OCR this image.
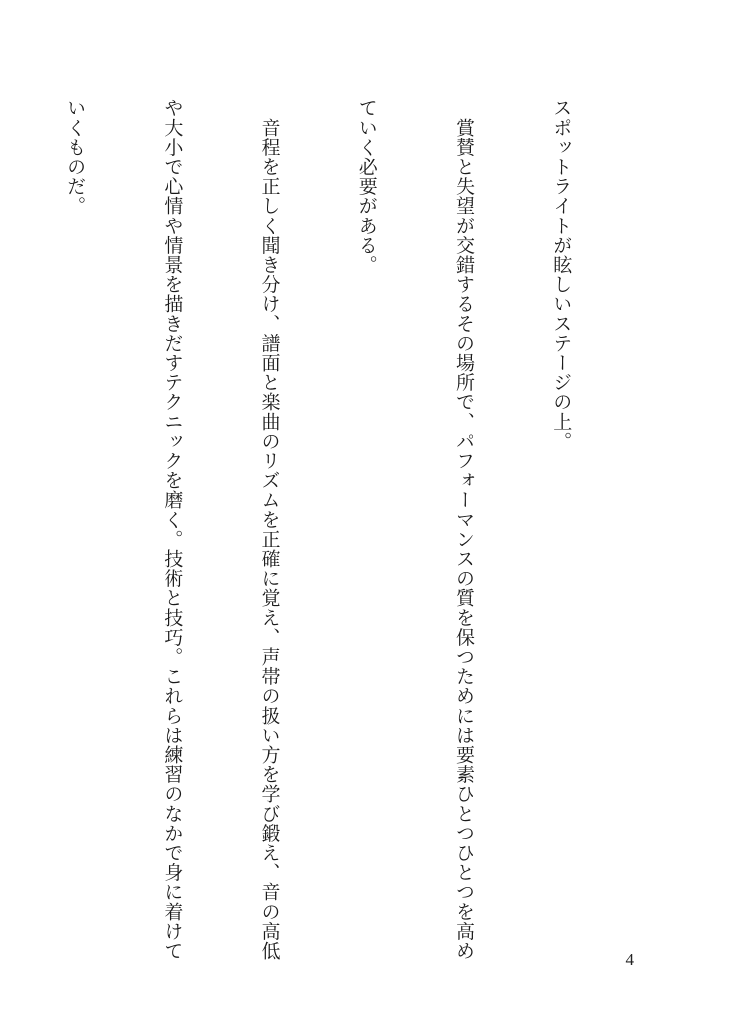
スポットライトが眩しいステージの上。

　賞賛と失望が交錯するその場所で、パフォーマンスの質を保つためには要素ひとつひとつを高め

ていく必要がある。

　音程を正しく聞き分け、譜面と楽曲のリズムを正確に覚え、声帯の扱い方を学び鍛え、音の高低

や大小で心情や情景を描きだすテクニックを磨く。技術と技巧。これらは練習のなかで身に着けて

いくものだ。

4
